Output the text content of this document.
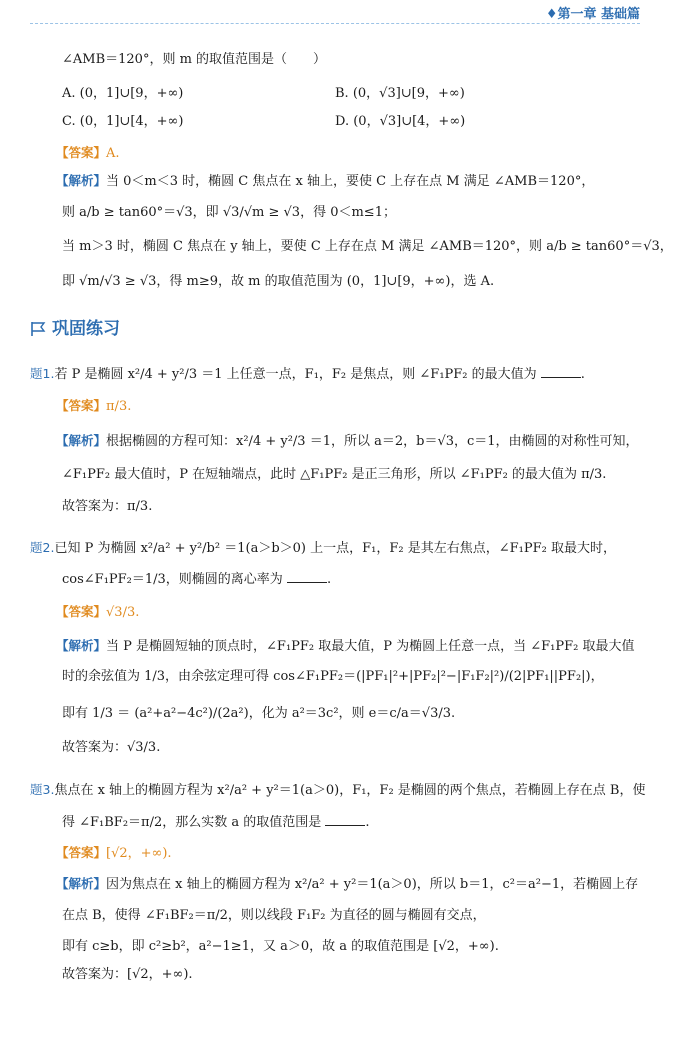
♦第一章 基础篇
∠AMB＝120°，则 m 的取值范围是（　　）
A. (0，1]∪[9，+∞)	B. (0，√3]∪[9，+∞)
C. (0，1]∪[4，+∞)	D. (0，√3]∪[4，+∞)
【答案】A.
【解析】当 0＜m＜3 时，椭圆 C 焦点在 x 轴上，要使 C 上存在点 M 满足 ∠AMB＝120°，
则 a/b ≥ tan60°＝√3，即 √3/√m ≥ √3，得 0＜m≤1；
当 m＞3 时，椭圆 C 焦点在 y 轴上，要使 C 上存在点 M 满足 ∠AMB＝120°，则 a/b ≥ tan60°＝√3，
即 √m/√3 ≥ √3，得 m≥9，故 m 的取值范围为 (0，1]∪[9，+∞)，选 A.
巩固练习
题1.若 P 是椭圆 x²/4 + y²/3 ＝1 上任意一点，F₁，F₂ 是焦点，则 ∠F₁PF₂ 的最大值为	.
【答案】π/3.
【解析】根据椭圆的方程可知：x²/4 + y²/3 ＝1，所以 a＝2，b＝√3，c＝1，由椭圆的对称性可知，
∠F₁PF₂ 最大值时，P 在短轴端点，此时 △F₁PF₂ 是正三角形，所以 ∠F₁PF₂ 的最大值为 π/3.
故答案为：π/3.
题2.已知 P 为椭圆 x²/a² + y²/b² ＝1(a＞b＞0) 上一点，F₁，F₂ 是其左右焦点，∠F₁PF₂ 取最大时，
cos∠F₁PF₂＝1/3，则椭圆的离心率为	.
【答案】√3/3.
【解析】当 P 是椭圆短轴的顶点时，∠F₁PF₂ 取最大值，P 为椭圆上任意一点，当 ∠F₁PF₂ 取最大值
时的余弦值为 1/3，由余弦定理可得 cos∠F₁PF₂＝(|PF₁|²+|PF₂|²−|F₁F₂|²)/(2|PF₁||PF₂|)，
即有 1/3 ＝ (a²+a²−4c²)/(2a²)，化为 a²＝3c²，则 e＝c/a＝√3/3.
故答案为：√3/3.
题3.焦点在 x 轴上的椭圆方程为 x²/a² + y²＝1(a＞0)，F₁，F₂ 是椭圆的两个焦点，若椭圆上存在点 B，使
得 ∠F₁BF₂＝π/2，那么实数 a 的取值范围是	.
【答案】[√2，+∞).
【解析】因为焦点在 x 轴上的椭圆方程为 x²/a² + y²＝1(a＞0)，所以 b＝1，c²＝a²−1，若椭圆上存
在点 B，使得 ∠F₁BF₂＝π/2，则以线段 F₁F₂ 为直径的圆与椭圆有交点，
即有 c≥b，即 c²≥b²，a²−1≥1，又 a＞0，故 a 的取值范围是 [√2，+∞).
故答案为：[√2，+∞).
